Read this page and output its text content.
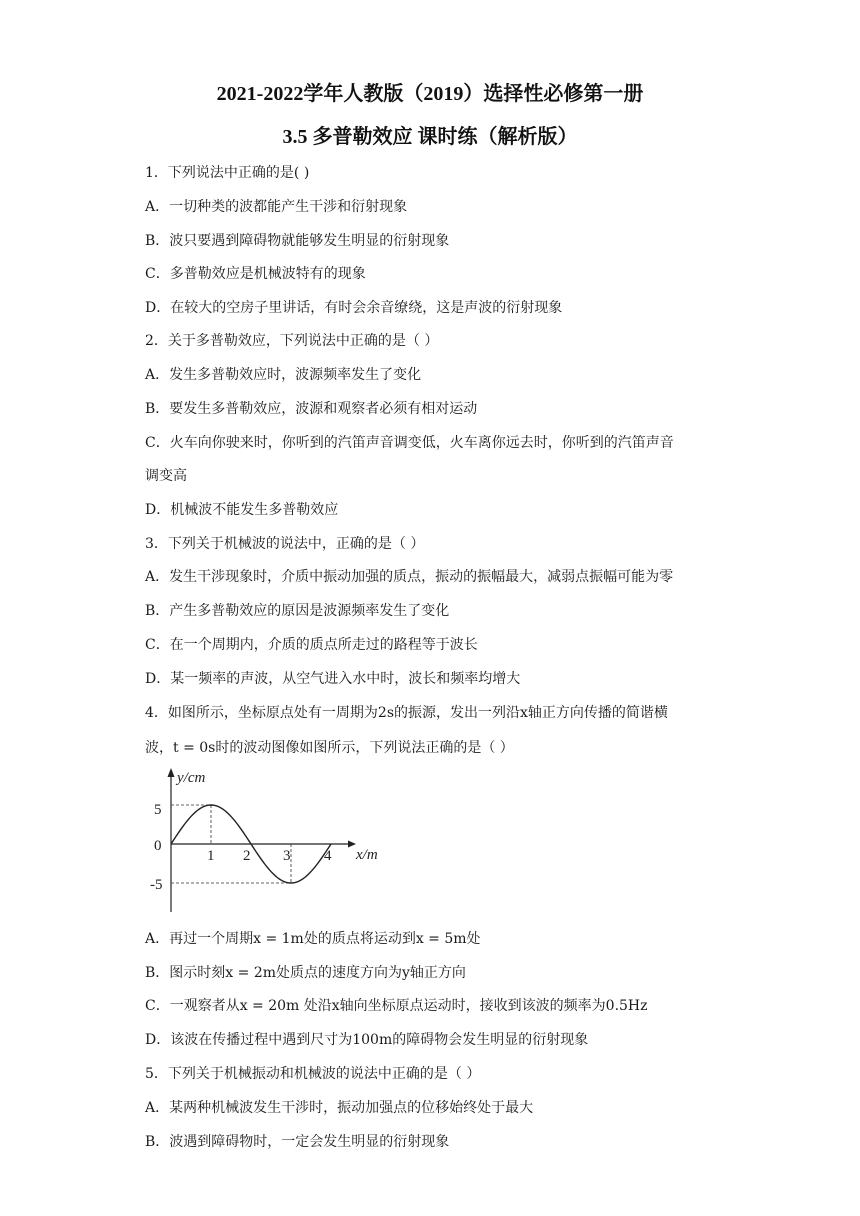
2021-2022学年人教版（2019）选择性必修第一册
3.5 多普勒效应 课时练（解析版）
1．下列说法中正确的是( )
A．一切种类的波都能产生干涉和衍射现象
B．波只要遇到障碍物就能够发生明显的衍射现象
C．多普勒效应是机械波特有的现象
D．在较大的空房子里讲话，有时会余音缭绕，这是声波的衍射现象
2．关于多普勒效应，下列说法中正确的是（ ）
A．发生多普勒效应时，波源频率发生了变化
B．要发生多普勒效应，波源和观察者必须有相对运动
C．火车向你驶来时，你听到的汽笛声音调变低，火车离你远去时，你听到的汽笛声音
调变高
D．机械波不能发生多普勒效应
3．下列关于机械波的说法中，正确的是（ ）
A．发生干涉现象时，介质中振动加强的质点，振动的振幅最大，减弱点振幅可能为零
B．产生多普勒效应的原因是波源频率发生了变化
C．在一个周期内，介质的质点所走过的路程等于波长
D．某一频率的声波，从空气进入水中时，波长和频率均增大
4．如图所示，坐标原点处有一周期为2s的振源，发出一列沿x轴正方向传播的简谐横
波，t = 0s时的波动图像如图所示，下列说法正确的是（ ）
y/cm
x/m
5
0
-5
1 2 3 4
A．再过一个周期x = 1m处的质点将运动到x = 5m处
B．图示时刻x = 2m处质点的速度方向为y轴正方向
C．一观察者从x = 20m 处沿x轴向坐标原点运动时，接收到该波的频率为0.5Hz
D．该波在传播过程中遇到尺寸为100m的障碍物会发生明显的衍射现象
5．下列关于机械振动和机械波的说法中正确的是（ ）
A．某两种机械波发生干涉时，振动加强点的位移始终处于最大
B．波遇到障碍物时，一定会发生明显的衍射现象
